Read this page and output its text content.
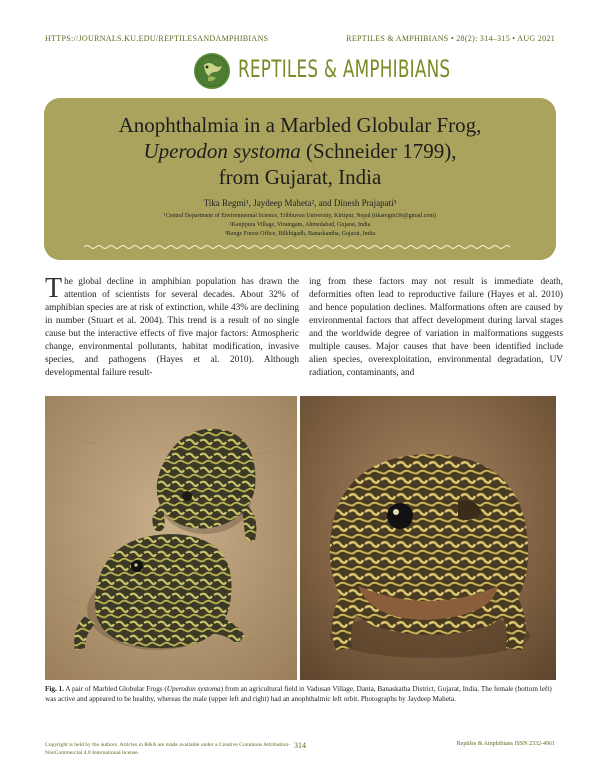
HTTPS://JOURNALS.KU.EDU/REPTILESANDAMPHIBIANS	REPTILES & AMPHIBIANS • 28(2): 314–315 • AUG 2021
REPTILES & AMPHIBIANS
Anophthalmia in a Marbled Globular Frog,
Uperodon systoma (Schneider 1799),
from Gujarat, India
Tika Regmi¹, Jaydeep Maheta², and Dinesh Prajapati³
¹Central Department of Environmental Science, Tribhuvan University, Kirtipur, Nepal (tikaregmi36@gmail.com)
²Kanjipura Village, Viramgam, Ahmedabad, Gujarat, India
³Range Forest Office, Bilkhigadh, Banaskantha, Gujarat, India
The global decline in amphibian population has drawn the attention of scientists for several decades. About 32% of amphibian species are at risk of extinction, while 43% are declining in number (Stuart et al. 2004). This trend is a result of no single cause but the interactive effects of five major factors: Atmospheric change, environmental pollutants, habitat modification, invasive species, and pathogens (Hayes et al. 2010). Although developmental failure result-
ing from these factors may not result is immediate death, deformities often lead to reproductive failure (Hayes et al. 2010) and hence population declines. Malformations often are caused by environmental factors that affect development during larval stages and the worldwide degree of variation in malformations suggests multiple causes. Major causes that have been identified include alien species, overexploitation, environmental degradation, UV radiation, contaminants, and
Fig. 1. A pair of Marbled Globular Frogs (Uperodon systoma) from an agricultural field in Vadusan Village, Danta, Banaskatha District, Gujarat, India. The female (bottom left) was active and appeared to be healthy, whereas the male (upper left and right) had an anophthalmic left orbit. Photographs by Jaydeep Maheta.
Copyright is held by the authors. Articles in R&A are made available under a Creative Commons Attribution-NonCommercial 4.0 International license.
314	Reptiles & Amphibians ISSN 2332-4961
